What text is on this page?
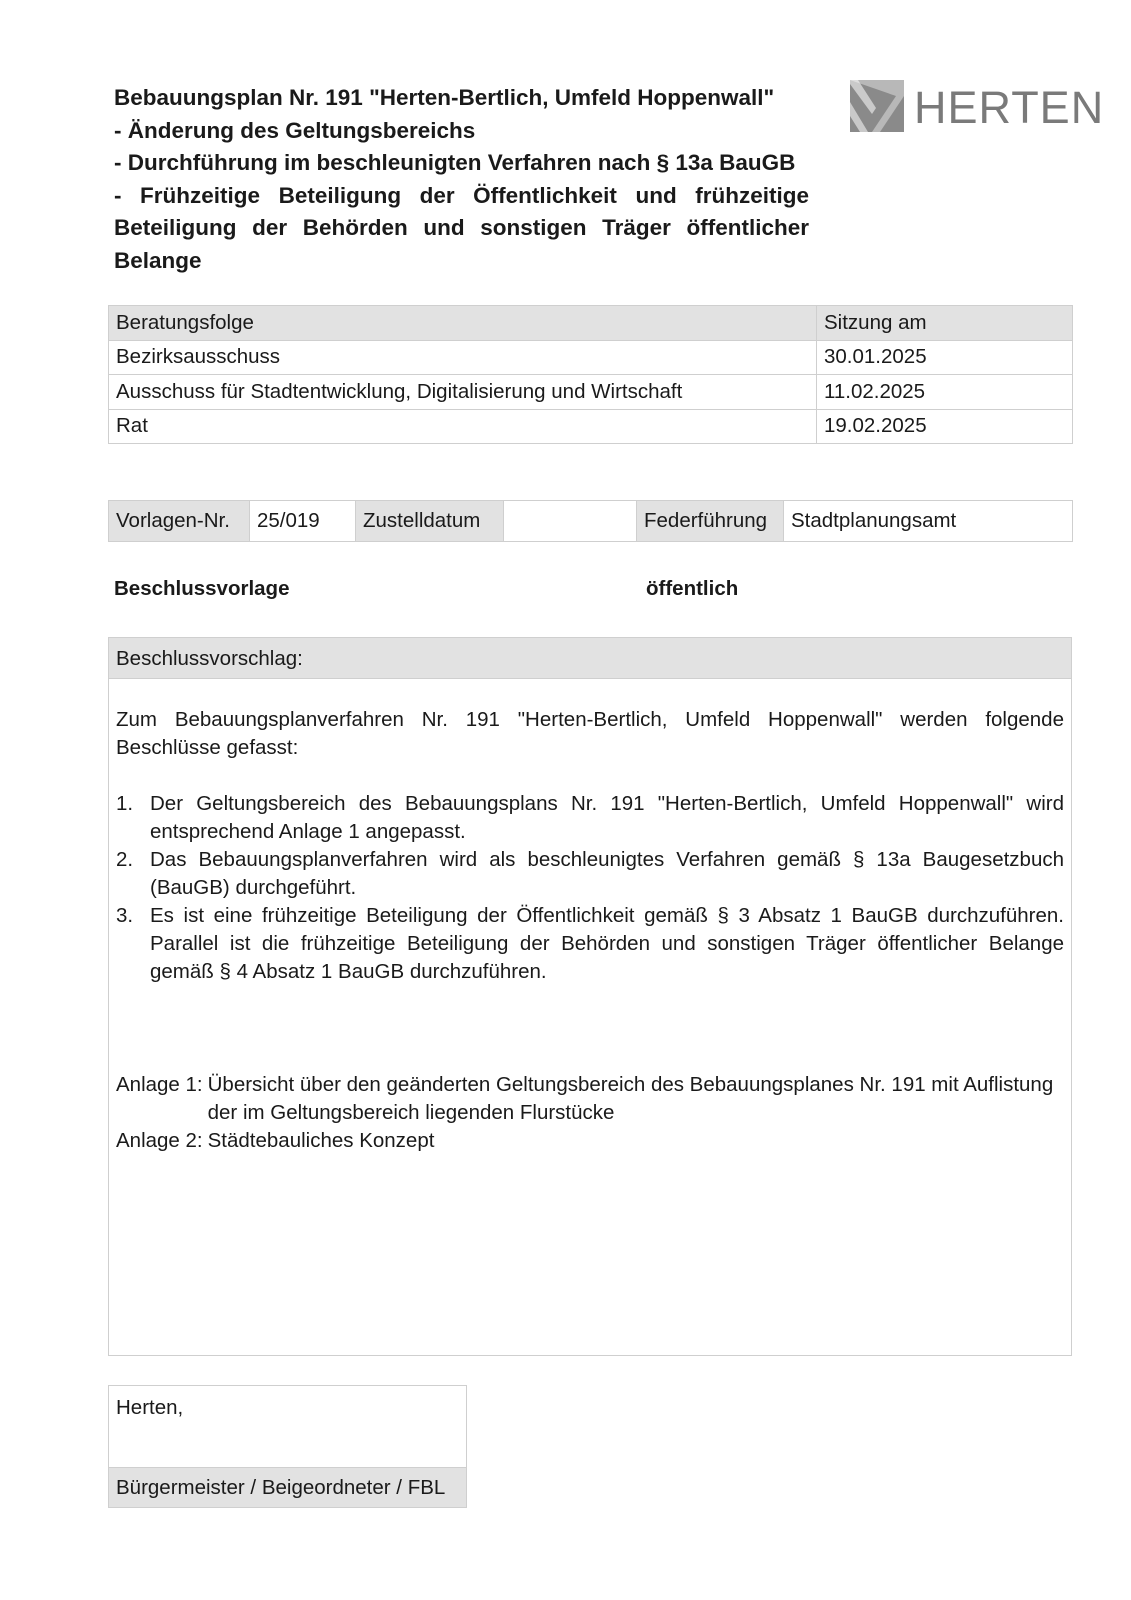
Bebauungsplan Nr. 191 "Herten-Bertlich, Umfeld Hoppenwall"
- Änderung des Geltungsbereichs
- Durchführung im beschleunigten Verfahren nach § 13a BauGB
- Frühzeitige Beteiligung der Öffentlichkeit und frühzeitige
Beteiligung der Behörden und sonstigen Träger öffentlicher
Belange
HERTEN
Beratungsfolge	Sitzung am
Bezirksausschuss	30.01.2025
Ausschuss für Stadtentwicklung, Digitalisierung und Wirtschaft	11.02.2025
Rat	19.02.2025
Vorlagen-Nr.	25/019	Zustelldatum		Federführung	Stadtplanungsamt
Beschlussvorlage	öffentlich
Beschlussvorschlag:

Zum Bebauungsplanverfahren Nr. 191 "Herten-Bertlich, Umfeld Hoppenwall" werden folgende Beschlüsse gefasst:

1. Der Geltungsbereich des Bebauungsplans Nr. 191 "Herten-Bertlich, Umfeld Hoppenwall" wird entsprechend Anlage 1 angepasst.
2. Das Bebauungsplanverfahren wird als beschleunigtes Verfahren gemäß § 13a Baugesetzbuch (BauGB) durchgeführt.
3. Es ist eine frühzeitige Beteiligung der Öffentlichkeit gemäß § 3 Absatz 1 BauGB durchzuführen. Parallel ist die frühzeitige Beteiligung der Behörden und sonstigen Träger öffentlicher Belange gemäß § 4 Absatz 1 BauGB durchzuführen.
Anlage 1: Übersicht über den geänderten Geltungsbereich des Bebauungsplanes Nr. 191 mit Auflistung der im Geltungsbereich liegenden Flurstücke
Anlage 2: Städtebauliches Konzept
Herten,
Bürgermeister / Beigeordneter / FBL
